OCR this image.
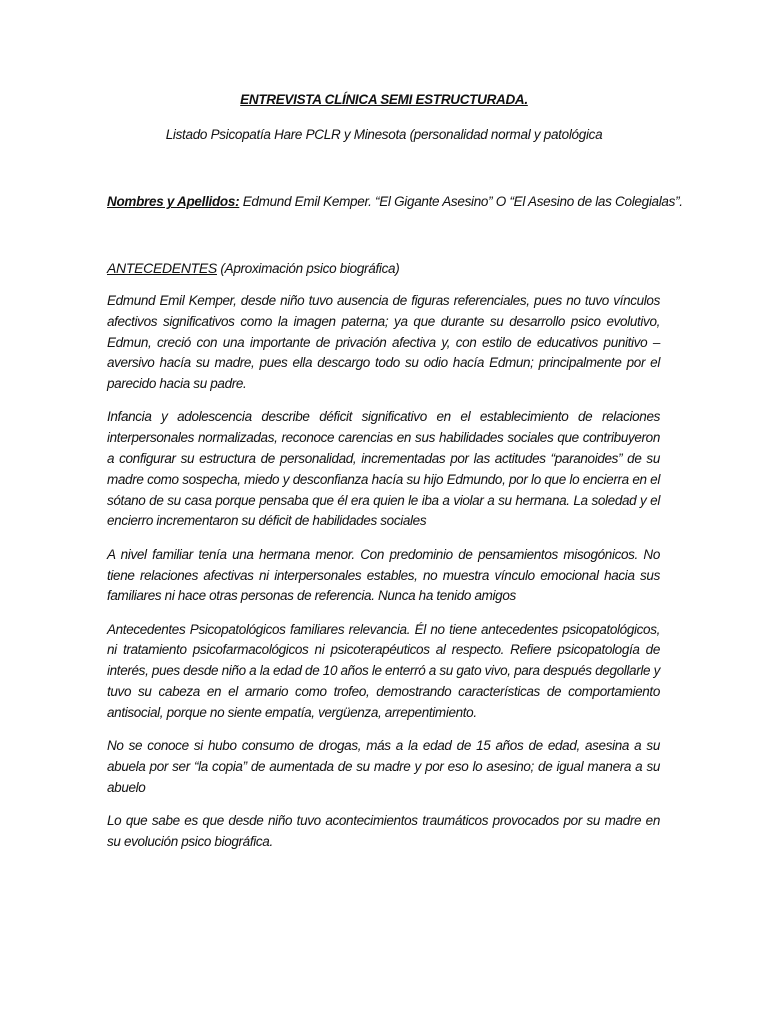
ENTREVISTA CLÍNICA SEMI ESTRUCTURADA.
Listado Psicopatía Hare PCLR y Minesota (personalidad normal y patológica
Nombres y Apellidos: Edmund Emil Kemper. “El Gigante Asesino” O “El Asesino de las Colegialas”.
ANTECEDENTES (Aproximación psico biográfica)

Edmund Emil Kemper, desde niño tuvo ausencia de figuras referenciales, pues no tuvo vínculos afectivos significativos como la imagen paterna; ya que durante su desarrollo psico evolutivo, Edmun, creció con una importante de privación afectiva y, con estilo de educativos punitivo – aversivo hacía su madre, pues ella descargo todo su odio hacía Edmun; principalmente por el parecido hacia su padre.

Infancia y adolescencia describe déficit significativo en el establecimiento de relaciones interpersonales normalizadas, reconoce carencias en sus habilidades sociales que contribuyeron a configurar su estructura de personalidad, incrementadas por las actitudes “paranoides” de su madre como sospecha, miedo y desconfianza hacía su hijo Edmundo, por lo que lo encierra en el sótano de su casa porque pensaba que él era quien le iba a violar a su hermana. La soledad y el encierro incrementaron su déficit de habilidades sociales

A nivel familiar tenía una hermana menor. Con predominio de pensamientos misogónicos. No tiene relaciones afectivas ni interpersonales estables, no muestra vínculo emocional hacia sus familiares ni hace otras personas de referencia. Nunca ha tenido amigos

Antecedentes Psicopatológicos familiares relevancia. Él no tiene antecedentes psicopatológicos, ni tratamiento psicofarmacológicos ni psicoterapéuticos al respecto. Refiere psicopatología de interés, pues desde niño a la edad de 10 años le enterró a su gato vivo, para después degollarle y tuvo su cabeza en el armario como trofeo, demostrando características de comportamiento antisocial, porque no siente empatía, vergüenza, arrepentimiento.

No se conoce si hubo consumo de drogas, más a la edad de 15 años de edad, asesina a su abuela por ser “la copia” de aumentada de su madre y por eso lo asesino; de igual manera a su abuelo

Lo que sabe es que desde niño tuvo acontecimientos traumáticos provocados por su madre en su evolución psico biográfica.
